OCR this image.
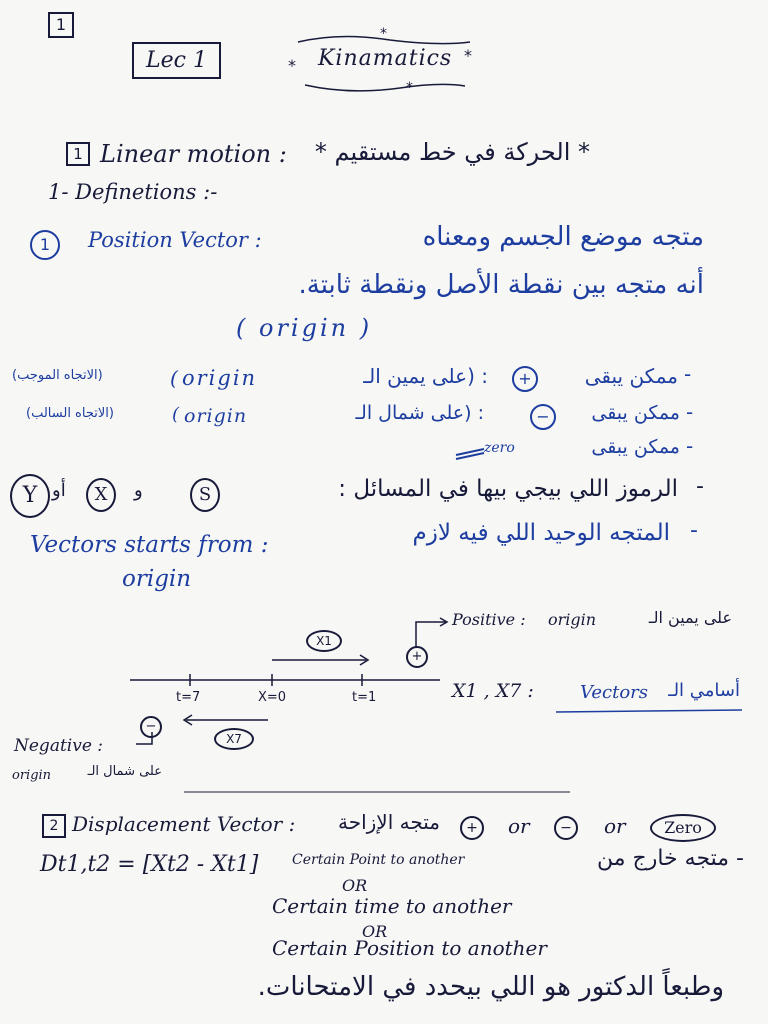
1
Lec 1	*
*
*
*
Kinamatics
1 Linear motion :	* الحركة في خط مستقيم *
1- Definetions :-
1	Position Vector :	متجه موضع الجسم ومعناه
أنه متجه بين نقطة الأصل ونقطة ثابتة.
( origin )
(الاتجاه الموجب)	( origin	: (على يمين الـ	+	ممكن يبقى -
(الاتجاه السالب)	( origin	: (على شمال الـ	−	ممكن يبقى -
zero	ممكن يبقى -
Y أو	X	و	S	الرموز اللي بيجي بيها في المسائل : -
Vectors starts from :	المتجه الوحيد اللي فيه لازم -
origin
Positive : origin	على يمين الـ
X1
+
t=7	X=0	t=1	X1 , X7 :	Vectors	أسامي الـ
−
X7
Negative :
origin	على شمال الـ
2 Displacement Vector :	متجه الإزاحة	+	or	−	or	Zero
Dt1,t2 = [Xt2 - Xt1] Certain Point to another	- متجه خارج من
OR
Certain time to another
OR
Certain Position to another
وطبعاً الدكتور هو اللي بيحدد في الامتحانات.
